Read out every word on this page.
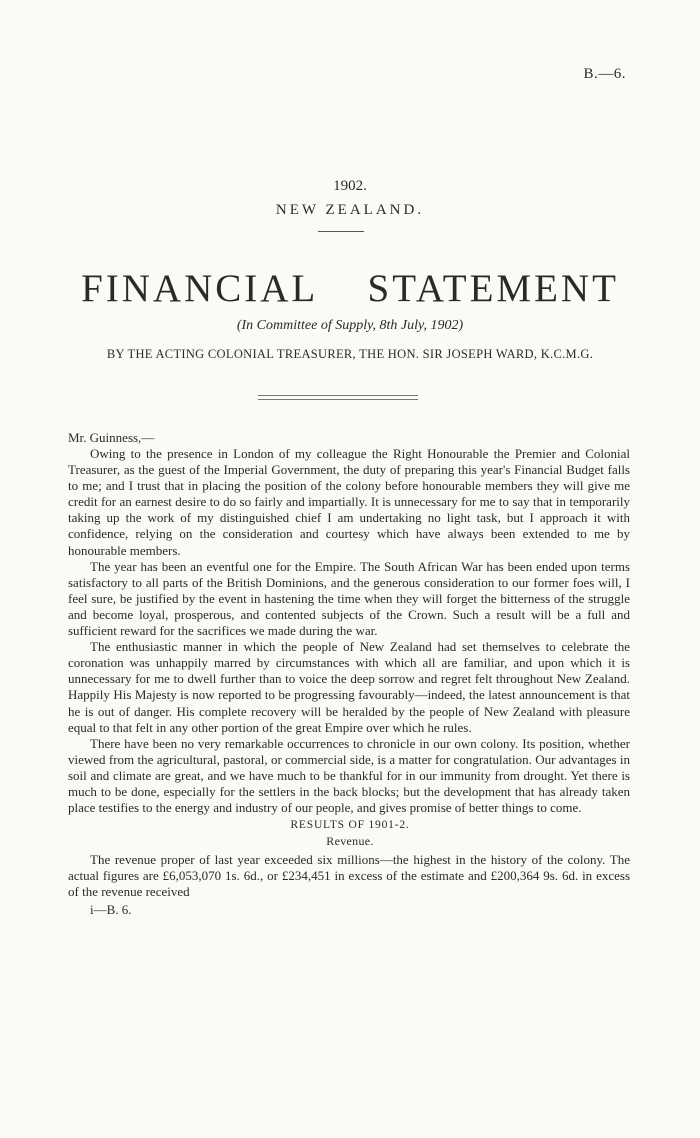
B.—6.
1902.
NEW ZEALAND.
FINANCIAL STATEMENT
(In Committee of Supply, 8th July, 1902)
BY THE ACTING COLONIAL TREASURER, THE HON. SIR JOSEPH WARD, K.C.M.G.
Mr. Guinness,—

Owing to the presence in London of my colleague the Right Honourable the Premier and Colonial Treasurer, as the guest of the Imperial Government, the duty of preparing this year's Financial Budget falls to me; and I trust that in placing the position of the colony before honourable members they will give me credit for an earnest desire to do so fairly and impartially. It is unnecessary for me to say that in temporarily taking up the work of my distinguished chief I am undertaking no light task, but I approach it with confidence, relying on the consideration and courtesy which have always been extended to me by honourable members.

The year has been an eventful one for the Empire. The South African War has been ended upon terms satisfactory to all parts of the British Dominions, and the generous consideration to our former foes will, I feel sure, be justified by the event in hastening the time when they will forget the bitterness of the struggle and become loyal, prosperous, and contented subjects of the Crown. Such a result will be a full and sufficient reward for the sacrifices we made during the war.

The enthusiastic manner in which the people of New Zealand had set themselves to celebrate the coronation was unhappily marred by circumstances with which all are familiar, and upon which it is unnecessary for me to dwell further than to voice the deep sorrow and regret felt throughout New Zealand. Happily His Majesty is now reported to be progressing favourably—indeed, the latest announcement is that he is out of danger. His complete recovery will be heralded by the people of New Zealand with pleasure equal to that felt in any other portion of the great Empire over which he rules.

There have been no very remarkable occurrences to chronicle in our own colony. Its position, whether viewed from the agricultural, pastoral, or commercial side, is a matter for congratulation. Our advantages in soil and climate are great, and we have much to be thankful for in our immunity from drought. Yet there is much to be done, especially for the settlers in the back blocks; but the development that has already taken place testifies to the energy and industry of our people, and gives promise of better things to come.

RESULTS OF 1901-2.
Revenue.

The revenue proper of last year exceeded six millions—the highest in the history of the colony. The actual figures are £6,053,070 1s. 6d., or £234,451 in excess of the estimate and £200,364 9s. 6d. in excess of the revenue received

i—B. 6.
